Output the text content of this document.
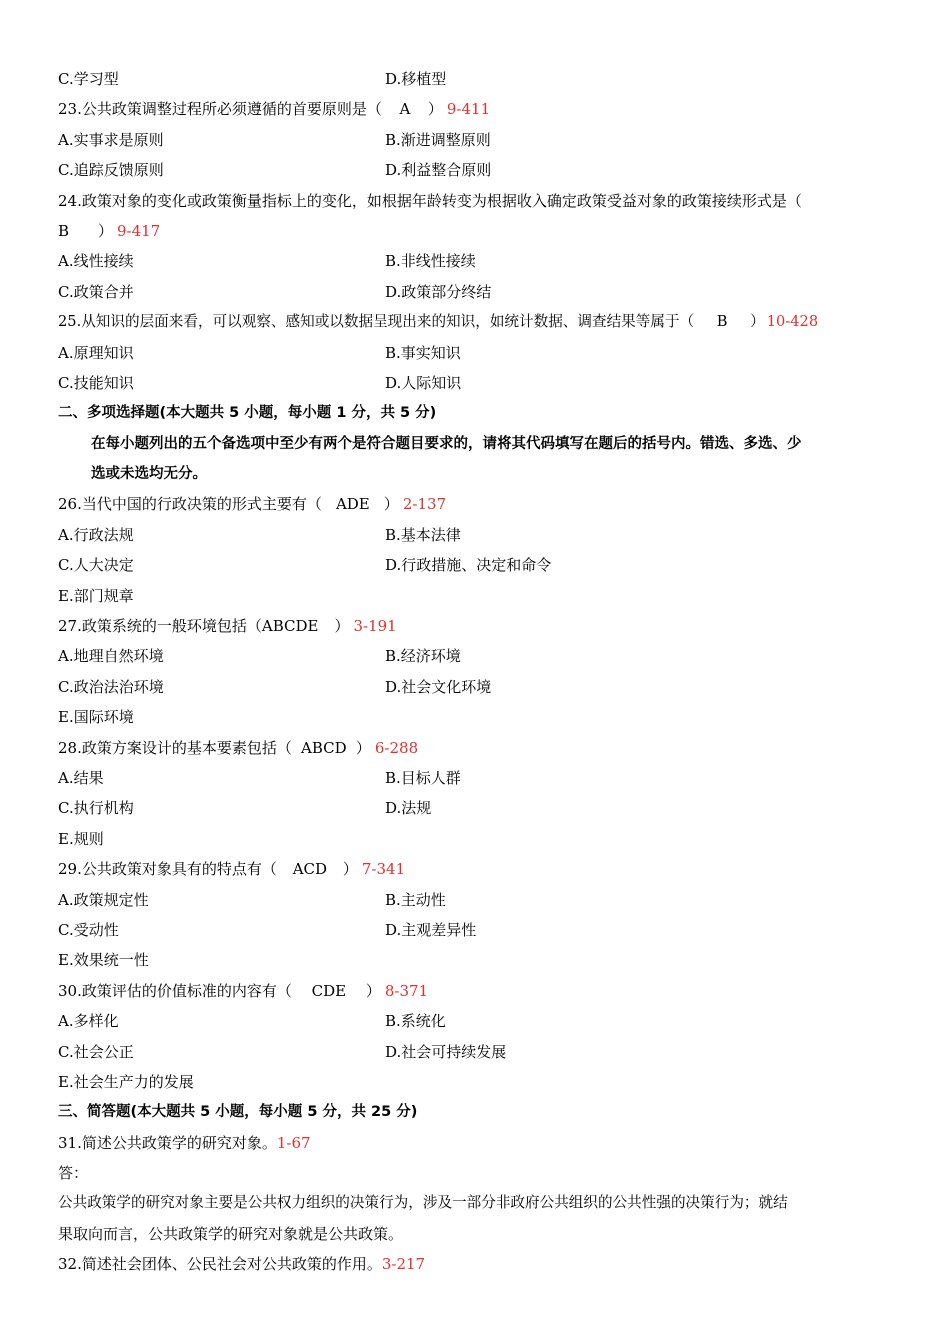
C.学习型	D.移植型
23.公共政策调整过程所必须遵循的首要原则是（ A ） 9-411
A.实事求是原则	B.渐进调整原则
C.追踪反馈原则	D.利益整合原则
24.政策对象的变化或政策衡量指标上的变化，如根据年龄转变为根据收入确定政策受益对象的政策接续形式是（
B ） 9-417
A.线性接续	B.非线性接续
C.政策合并	D.政策部分终结
25.从知识的层面来看，可以观察、感知或以数据呈现出来的知识，如统计数据、调查结果等属于（ B ） 10-428
A.原理知识	B.事实知识
C.技能知识	D.人际知识
二、多项选择题(本大题共 5 小题，每小题 1 分，共 5 分)
在每小题列出的五个备选项中至少有两个是符合题目要求的，请将其代码填写在题后的括号内。错选、多选、少
选或未选均无分。
26.当代中国的行政决策的形式主要有（ ADE ） 2-137
A.行政法规	B.基本法律
C.人大决定	D.行政措施、决定和命令
E.部门规章
27.政策系统的一般环境包括（ABCDE ） 3-191
A.地理自然环境	B.经济环境
C.政治法治环境	D.社会文化环境
E.国际环境
28.政策方案设计的基本要素包括（ ABCD ） 6-288
A.结果	B.目标人群
C.执行机构	D.法规
E.规则
29.公共政策对象具有的特点有（ ACD ） 7-341
A.政策规定性	B.主动性
C.受动性	D.主观差异性
E.效果统一性
30.政策评估的价值标准的内容有（ CDE ） 8-371
A.多样化	B.系统化
C.社会公正	D.社会可持续发展
E.社会生产力的发展
三、简答题(本大题共 5 小题，每小题 5 分，共 25 分)
31.简述公共政策学的研究对象。1-67
答：
公共政策学的研究对象主要是公共权力组织的决策行为，涉及一部分非政府公共组织的公共性强的决策行为；就结
果取向而言，公共政策学的研究对象就是公共政策。
32.简述社会团体、公民社会对公共政策的作用。3-217
